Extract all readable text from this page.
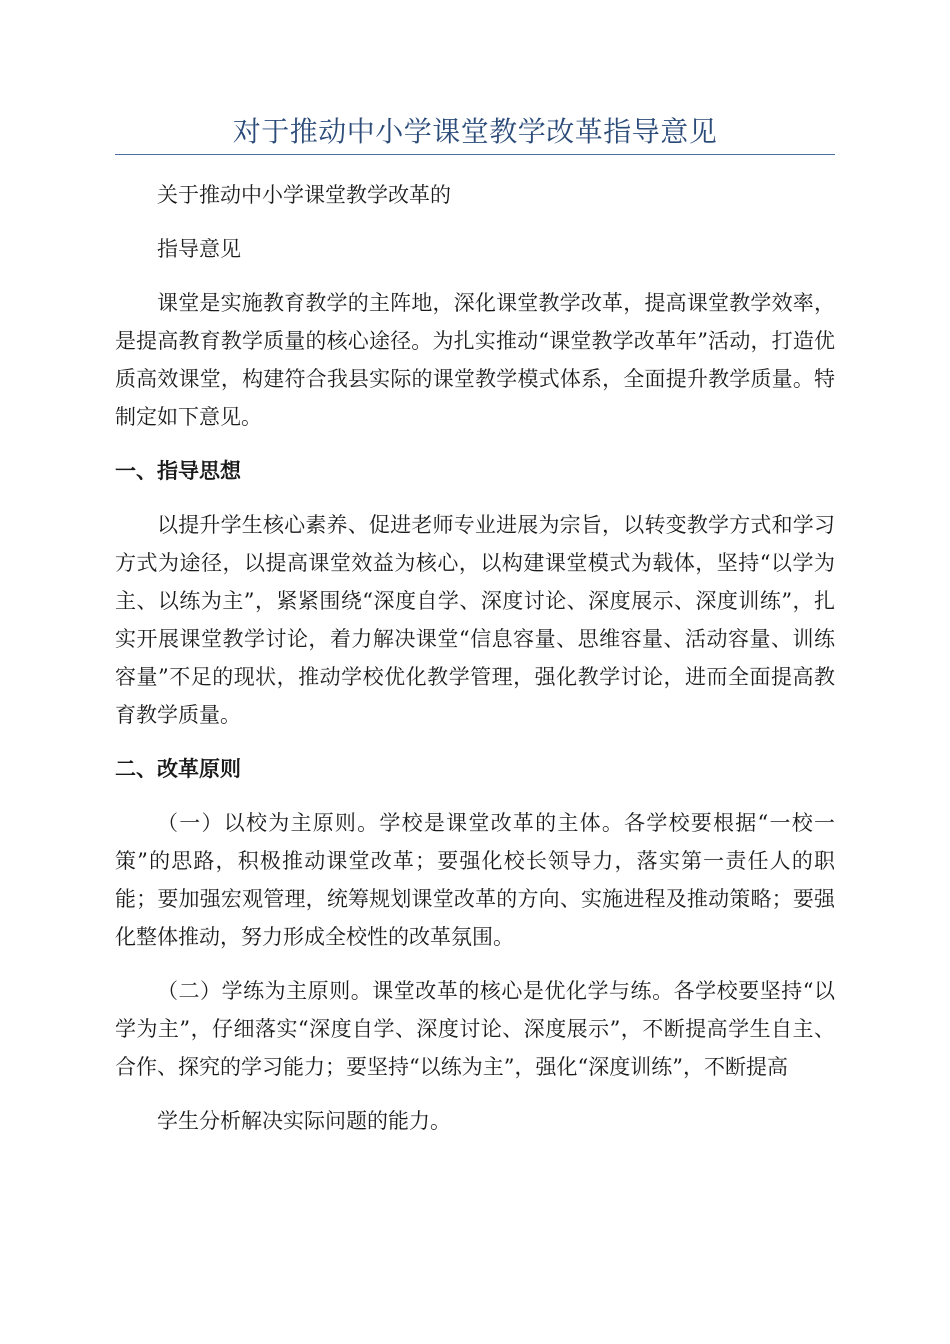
对于推动中小学课堂教学改革指导意见

关于推动中小学课堂教学改革的

指导意见

课堂是实施教育教学的主阵地，深化课堂教学改革，提高课堂教学效率，是提高教育教学质量的核心途径。为扎实推动“课堂教学改革年”活动，打造优质高效课堂，构建符合我县实际的课堂教学模式体系，全面提升教学质量。特制定如下意见。

一、指导思想

以提升学生核心素养、促进老师专业进展为宗旨，以转变教学方式和学习方式为途径，以提高课堂效益为核心，以构建课堂模式为载体，坚持“以学为主、以练为主”，紧紧围绕“深度自学、深度讨论、深度展示、深度训练”，扎实开展课堂教学讨论，着力解决课堂“信息容量、思维容量、活动容量、训练容量”不足的现状，推动学校优化教学管理，强化教学讨论，进而全面提高教育教学质量。

二、改革原则

（一）以校为主原则。学校是课堂改革的主体。各学校要根据“一校一策”的思路，积极推动课堂改革；要强化校长领导力，落实第一责任人的职能；要加强宏观管理，统筹规划课堂改革的方向、实施进程及推动策略；要强化整体推动，努力形成全校性的改革氛围。

（二）学练为主原则。课堂改革的核心是优化学与练。各学校要坚持“以学为主”，仔细落实“深度自学、深度讨论、深度展示”，不断提高学生自主、合作、探究的学习能力；要坚持“以练为主”，强化“深度训练”，不断提高

学生分析解决实际问题的能力。
